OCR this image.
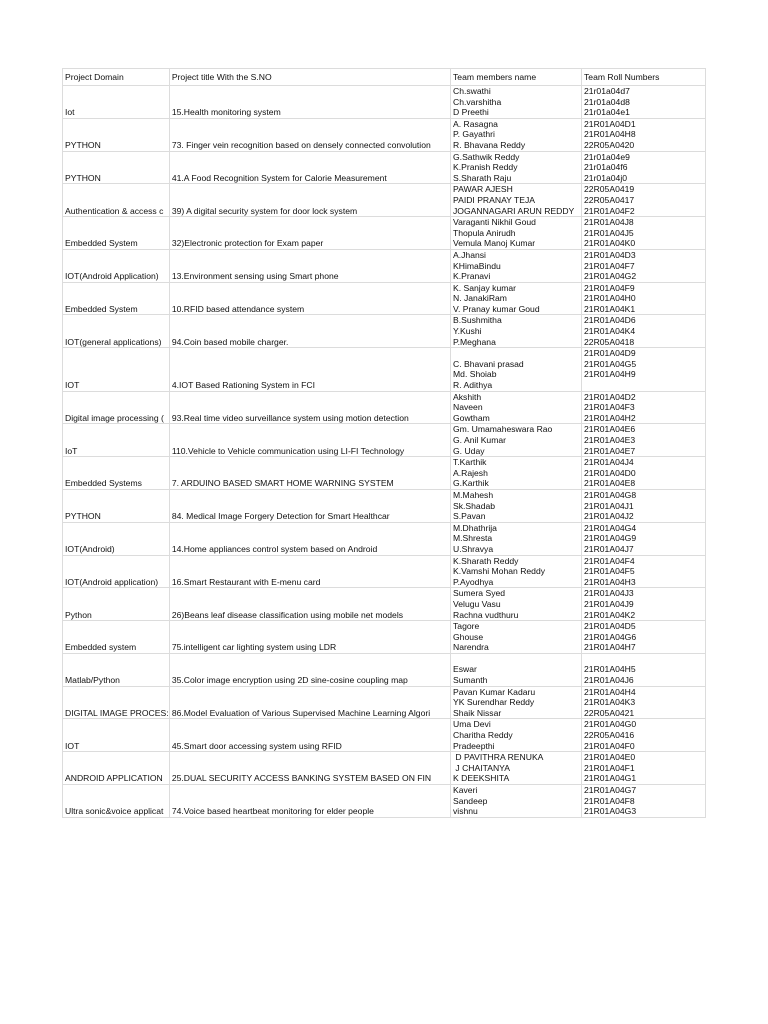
Project Domain	Project title With the S.NO	Team members name	Team Roll Numbers
Iot	15.Health monitoring system	Ch.swathi
Ch.varshitha
D Preethi	21r01a04d7
21r01a04d8
21r01a04e1

PYTHON	73. Finger vein recognition based on densely connected convolution	A. Rasagna
P. Gayathri
R. Bhavana Reddy	21R01A04D1
21R01A04H8
22R05A0420

PYTHON	41.A Food Recognition System for Calorie Measurement	G.Sathwik Reddy
K.Pranish Reddy
S.Sharath Raju	21r01a04e9
21r01a04f6
21r01a04j0

Authentication & access c	39) A digital security system for door lock system	PAWAR AJESH
PAIDI PRANAY TEJA
JOGANNAGARI ARUN REDDY	22R05A0419
22R05A0417
21R01A04F2

Embedded System	32)Electronic protection for Exam paper	Varaganti Nikhil Goud
Thopula Anirudh
Vemula Manoj Kumar	21R01A04J8
21R01A04J5
21R01A04K0

IOT(Android Application)	13.Environment sensing using Smart phone	A.Jhansi
KHimaBindu
K.Pranavi	21R01A04D3
21R01A04F7
21R01A04G2

Embedded System	10.RFID based attendance system	K. Sanjay kumar
N. JanakiRam
V. Pranay kumar Goud	21R01A04F9
21R01A04H0
21R01A04K1

IOT(general applications)	94.Coin based mobile charger.	B.Sushmitha
Y.Kushi
P.Meghana	21R01A04D6
21R01A04K4
22R05A0418

IOT	4.IOT Based Rationing System in FCI	C. Bhavani prasad
Md. Shoiab
R. Adithya	21R01A04D9
21R01A04G5
21R01A04H9

Digital image processing (	93.Real time video surveillance system using motion detection	Akshith
Naveen
Gowtham	21R01A04D2
21R01A04F3
21R01A04H2

IoT	110.Vehicle to Vehicle communication using LI-FI Technology	Gm. Umamaheswara Rao
G. Anil Kumar
G. Uday	21R01A04E6
21R01A04E3
21R01A04E7

Embedded Systems	7. ARDUINO BASED SMART HOME WARNING SYSTEM	T.Karthik
A.Rajesh
G.Karthik	21R01A04J4
21R01A04D0
21R01A04E8

PYTHON	84. Medical Image Forgery Detection for Smart Healthcar	M.Mahesh
Sk.Shadab
S.Pavan	21R01A04G8
21R01A04J1
21R01A04J2

IOT(Android)	14.Home appliances control system based on Android	M.Dhathrija
M.Shresta
U.Shravya	21R01A04G4
21R01A04G9
21R01A04J7

IOT(Android application)	16.Smart Restaurant with E-menu card	K.Sharath Reddy
K.Vamshi Mohan Reddy
P.Ayodhya	21R01A04F4
21R01A04F5
21R01A04H3

Python	26)Beans leaf disease classification using mobile net models	Sumera Syed
Velugu Vasu
Rachna vudthuru	21R01A04J3
21R01A04J9
21R01A04K2

Embedded system	75.intelligent car lighting system using LDR	Tagore
Ghouse
Narendra	21R01A04D5
21R01A04G6
21R01A04H7

Matlab/Python	35.Color image encryption using 2D sine-cosine coupling map	Eswar
Sumanth	21R01A04H5
21R01A04J6

DIGITAL IMAGE PROCES:	86.Model Evaluation of Various Supervised Machine Learning Algori	Pavan Kumar Kadaru
YK Surendhar Reddy
Shaik Nissar	21R01A04H4
21R01A04K3
22R05A0421

IOT	45.Smart door accessing system using RFID	Uma Devi
Charitha Reddy
Pradeepthi	21R01A04G0
22R05A0416
21R01A04F0

ANDROID APPLICATION	25.DUAL SECURITY ACCESS BANKING SYSTEM BASED ON FIN	D PAVITHRA RENUKA
J CHAITANYA
K DEEKSHITA	21R01A04E0
21R01A04F1
21R01A04G1

Ultra sonic&voice applicat	74.Voice based heartbeat monitoring for elder people	Kaveri
Sandeep
vishnu	21R01A04G7
21R01A04F8
21R01A04G3
